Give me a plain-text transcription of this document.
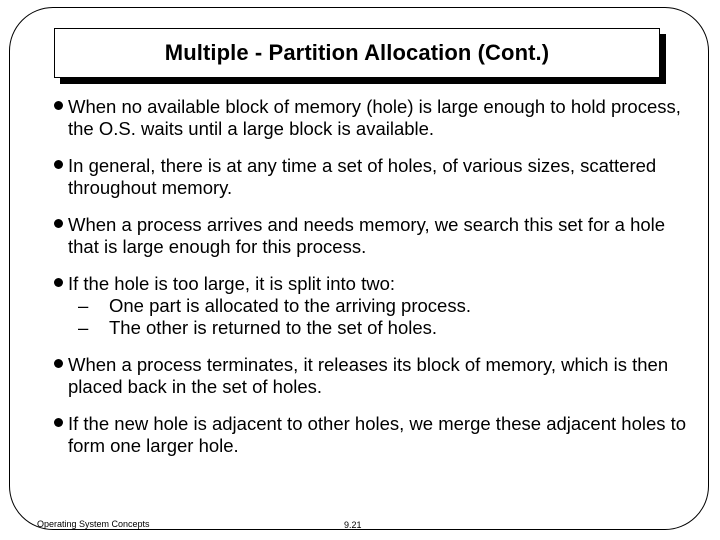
Multiple - Partition Allocation (Cont.)
When no available block of memory (hole) is large enough to hold process, the O.S. waits until a large block is available.
In general, there is at any time a set of holes, of various sizes, scattered throughout memory.
When a process arrives and needs memory, we search this set for a hole that is large enough for this process.
If the hole is too large, it is split into two:
– One part is allocated to the arriving process.
– The other is returned to the set of holes.
When a process terminates, it releases its block of memory, which is then placed back in the set of holes.
If the new hole is adjacent to other holes, we merge these adjacent holes to form one larger hole.
Operating System Concepts	9.21
